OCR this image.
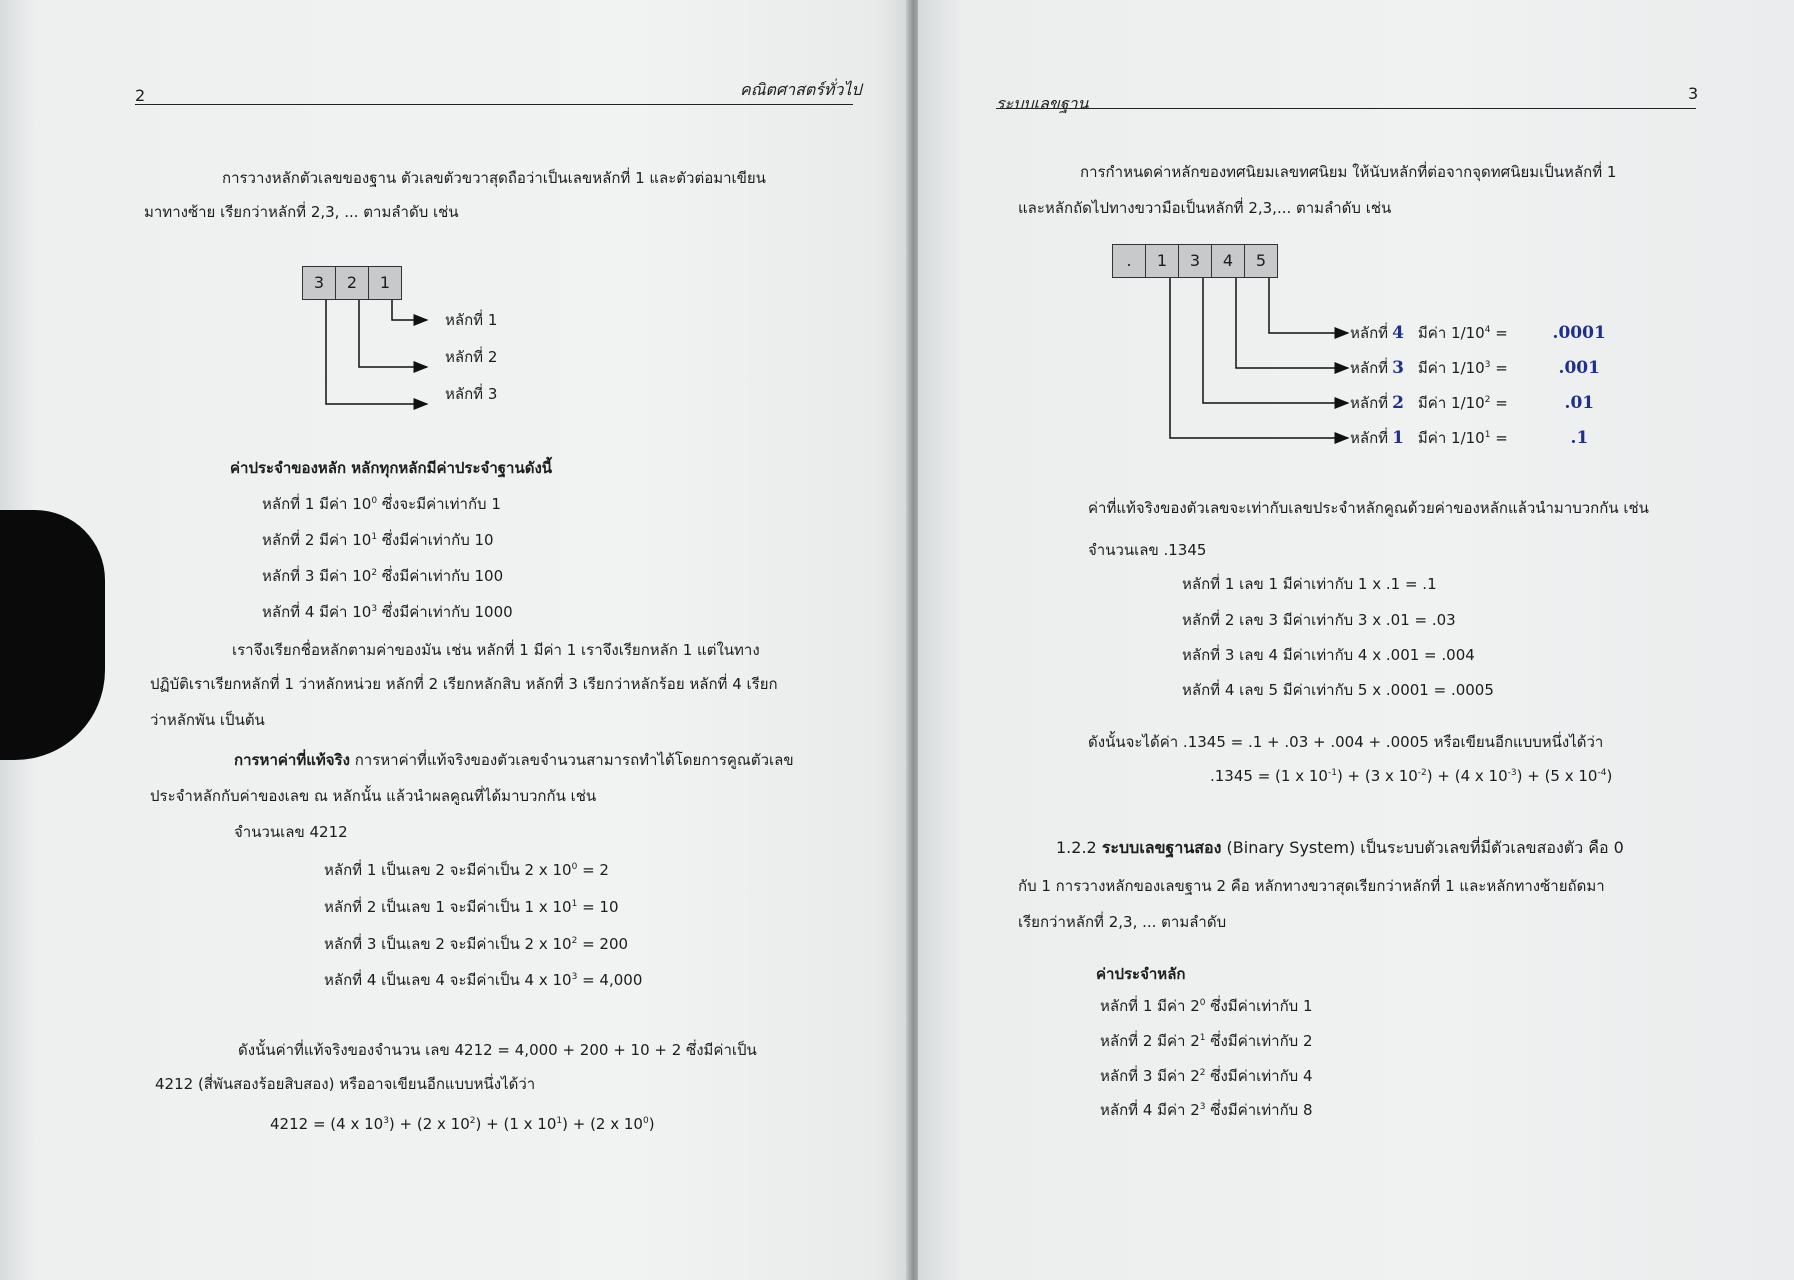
2	คณิตศาสตร์ทั่วไป
การวางหลักตัวเลขของฐาน ตัวเลขตัวขวาสุดถือว่าเป็นเลขหลักที่ 1 และตัวต่อมาเขียน
มาทางซ้าย เรียกว่าหลักที่ 2,3, ... ตามลำดับ เช่น
3	2	1
หลักที่ 1
หลักที่ 2
หลักที่ 3
ค่าประจำของหลัก หลักทุกหลักมีค่าประจำฐานดังนี้
หลักที่ 1 มีค่า $10^0$ ซึ่งจะมีค่าเท่ากับ 1
หลักที่ 2 มีค่า $10^1$ ซึ่งมีค่าเท่ากับ 10
หลักที่ 3 มีค่า $10^2$ ซึ่งมีค่าเท่ากับ 100
หลักที่ 4 มีค่า $10^3$ ซึ่งมีค่าเท่ากับ 1000
เราจึงเรียกชื่อหลักตามค่าของมัน เช่น หลักที่ 1 มีค่า 1 เราจึงเรียกหลัก 1 แต่ในทาง
ปฏิบัติเราเรียกหลักที่ 1 ว่าหลักหน่วย หลักที่ 2 เรียกหลักสิบ หลักที่ 3 เรียกว่าหลักร้อย หลักที่ 4 เรียก
ว่าหลักพัน เป็นต้น
การหาค่าที่แท้จริง การหาค่าที่แท้จริงของตัวเลขจำนวนสามารถทำได้โดยการคูณตัวเลข
ประจำหลักกับค่าของเลข ณ หลักนั้น แล้วนำผลคูณที่ได้มาบวกกัน เช่น
จำนวนเลข 4212
หลักที่ 1 เป็นเลข 2 จะมีค่าเป็น 2 x $10^0 = 2$
หลักที่ 2 เป็นเลข 1 จะมีค่าเป็น 1 x $10^1 = 10$
หลักที่ 3 เป็นเลข 2 จะมีค่าเป็น 2 x $10^2 = 200$
หลักที่ 4 เป็นเลข 4 จะมีค่าเป็น 4 x $10^3 = 4,000$
ดังนั้นค่าที่แท้จริงของจำนวน เลข 4212 = 4,000 + 200 + 10 + 2 ซึ่งมีค่าเป็น
4212 (สี่พันสองร้อยสิบสอง) หรืออาจเขียนอีกแบบหนึ่งได้ว่า
4212 = (4 x $10^3) + (2$ x $10^2) + (1$ x $10^1) + (2$ x $10^0$)
ระบบเลขฐาน
3
การกำหนดค่าหลักของทศนิยมเลขทศนิยม ให้นับหลักที่ต่อจากจุดทศนิยมเป็นหลักที่ 1
และหลักถัดไปทางขวามือเป็นหลักที่ 2,3,... ตามลำดับ เช่น
.	1	3	4	5
หลักที่ 4 มีค่า $1/10^4 = .0001$
หลักที่ 3 มีค่า $1/10^3$ =	.001
หลักที่ 2 มีค่า $1/10^2$ =	.01
หลักที่ 1 มีค่า $1/10^1$ =	.1
ค่าที่แท้จริงของตัวเลขจะเท่ากับเลขประจำหลักคูณด้วยค่าของหลักแล้วนำมาบวกกัน เช่น
จำนวนเลข .1345
หลักที่ 1 เลข 1 มีค่าเท่ากับ 1 x .1 = .1
หลักที่ 2 เลข 3 มีค่าเท่ากับ 3 x .01 = .03
หลักที่ 3 เลข 4 มีค่าเท่ากับ 4 x .001 = .004
หลักที่ 4 เลข 5 มีค่าเท่ากับ 5 x .0001 = .0005
ดังนั้นจะได้ค่า .1345 = .1 + .03 + .004 + .0005 หรือเขียนอีกแบบหนึ่งได้ว่า
.1345 = (1 x $10^{-1}) + (3$ x $10^{-2}) + (4$ x $10^{-3}) + (5$ x $10^{-4}$)
1.2.2 ระบบเลขฐานสอง (Binary System) เป็นระบบตัวเลขที่มีตัวเลขสองตัว คือ 0
กับ 1 การวางหลักของเลขฐาน 2 คือ หลักทางขวาสุดเรียกว่าหลักที่ 1 และหลักทางซ้ายถัดมา
เรียกว่าหลักที่ 2,3, ... ตามลำดับ
ค่าประจำหลัก
หลักที่ 1 มีค่า $2^0$ ซึ่งมีค่าเท่ากับ 1
หลักที่ 2 มีค่า $2^1$ ซึ่งมีค่าเท่ากับ 2
หลักที่ 3 มีค่า $2^2$ ซึ่งมีค่าเท่ากับ 4
หลักที่ 4 มีค่า $2^3$ ซึ่งมีค่าเท่ากับ 8
